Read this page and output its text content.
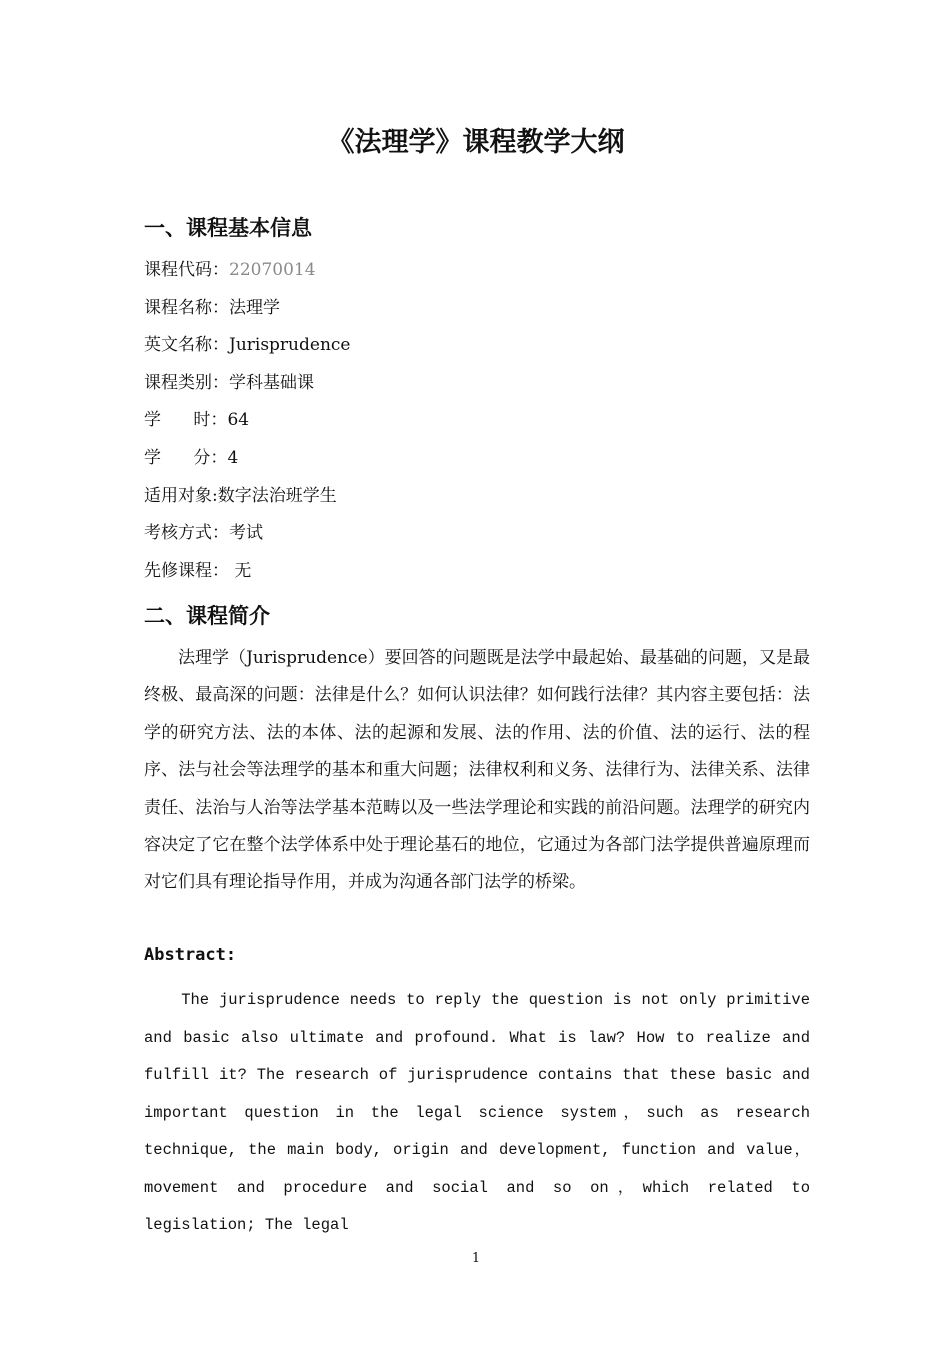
《法理学》课程教学大纲
一、课程基本信息
课程代码：22070014
课程名称：法理学
英文名称：Jurisprudence
课程类别：学科基础课
学      时：64
学      分：4
适用对象:数字法治班学生
考核方式：考试
先修课程： 无
二、课程简介

法理学（Jurisprudence）要回答的问题既是法学中最起始、最基础的问题，又是最终极、最高深的问题：法律是什么？如何认识法律？如何践行法律？其内容主要包括：法学的研究方法、法的本体、法的起源和发展、法的作用、法的价值、法的运行、法的程序、法与社会等法理学的基本和重大问题；法律权利和义务、法律行为、法律关系、法律责任、法治与人治等法学基本范畴以及一些法学理论和实践的前沿问题。法理学的研究内容决定了它在整个法学体系中处于理论基石的地位，它通过为各部门法学提供普遍原理而对它们具有理论指导作用，并成为沟通各部门法学的桥梁。

Abstract:

The jurisprudence needs to reply the question is not only primitive and basic also ultimate and profound. What is law? How to realize and fulfill it? The research of jurisprudence contains that these basic and important question in the legal science system，such as research technique, the main body, origin and development, function and value，movement and procedure and social and so on，which related to legislation; The legal

1
